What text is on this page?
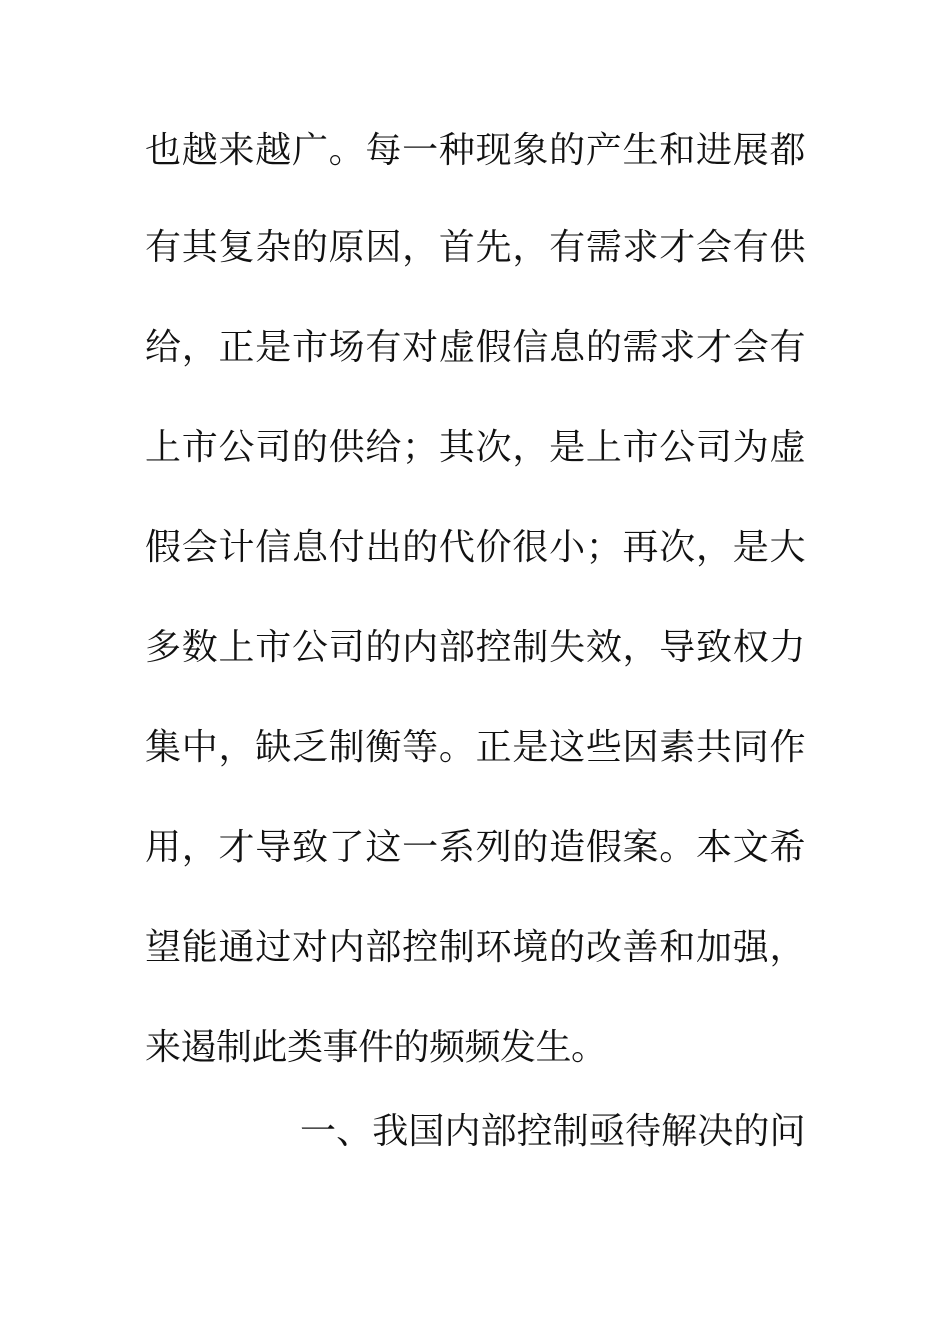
也越来越广。每一种现象的产生和进展都
有其复杂的原因，首先，有需求才会有供
给，正是市场有对虚假信息的需求才会有
上市公司的供给；其次，是上市公司为虚
假会计信息付出的代价很小；再次，是大
多数上市公司的内部控制失效，导致权力
集中，缺乏制衡等。正是这些因素共同作
用，才导致了这一系列的造假案。本文希
望能通过对内部控制环境的改善和加强，
来遏制此类事件的频频发生。
一、我国内部控制亟待解决的问
